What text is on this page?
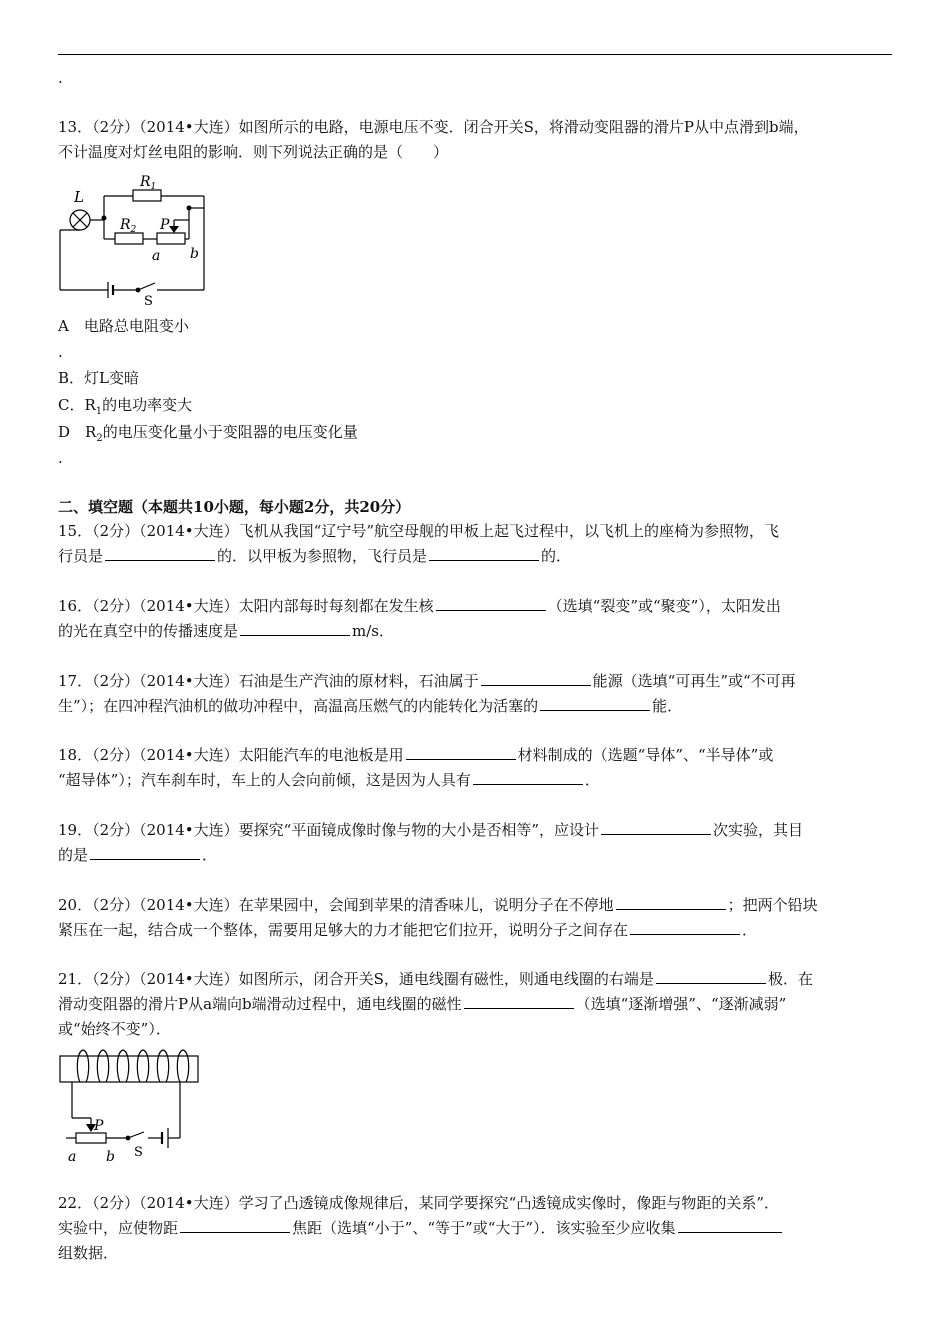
.
13．（2分）（2014•大连）如图所示的电路，电源电压不变．闭合开关S，将滑动变阻器的滑片P从中点滑到b端，
不计温度对灯丝电阻的影响．则下列说法正确的是（　　）
L
$R_1$
$R_2$ P
a b
S
A　电路总电阻变小
.
B．灯L变暗
C．$R_1$的电功率变大
D　$R_2$的电压变化量小于变阻器的电压变化量
.
二、填空题（本题共10小题，每小题2分，共20分）
15．（2分）（2014•大连）飞机从我国“辽宁号”航空母舰的甲板上起飞过程中，以飞机上的座椅为参照物，飞
行员是	的．以甲板为参照物，飞行员是	的．
16．（2分）（2014•大连）太阳内部每时每刻都在发生核	（选填“裂变”或“聚变”），太阳发出
的光在真空中的传播速度是	m/s．
17．（2分）（2014•大连）石油是生产汽油的原材料，石油属于	能源（选填“可再生”或“不可再
生”）；在四冲程汽油机的做功冲程中，高温高压燃气的内能转化为活塞的	能．
18．（2分）（2014•大连）太阳能汽车的电池板是用	材料制成的（选题“导体”、“半导体”或
“超导体”）；汽车刹车时，车上的人会向前倾，这是因为人具有	．
19．（2分）（2014•大连）要探究“平面镜成像时像与物的大小是否相等”，应设计	次实验，其目
的是	．
20．（2分）（2014•大连）在苹果园中，会闻到苹果的清香味儿，说明分子在不停地	；把两个铅块
紧压在一起，结合成一个整体，需要用足够大的力才能把它们拉开，说明分子之间存在	．
21．（2分）（2014•大连）如图所示，闭合开关S，通电线圈有磁性，则通电线圈的右端是	极．在
滑动变阻器的滑片P从a端向b端滑动过程中，通电线圈的磁性	（选填“逐渐增强”、“逐渐减弱”
或“始终不变”）．
P
a b S
22．（2分）（2014•大连）学习了凸透镜成像规律后，某同学要探究“凸透镜成实像时，像距与物距的关系”．
实验中，应使物距	焦距（选填“小于”、“等于”或“大于”）．该实验至少应收集
组数据．
